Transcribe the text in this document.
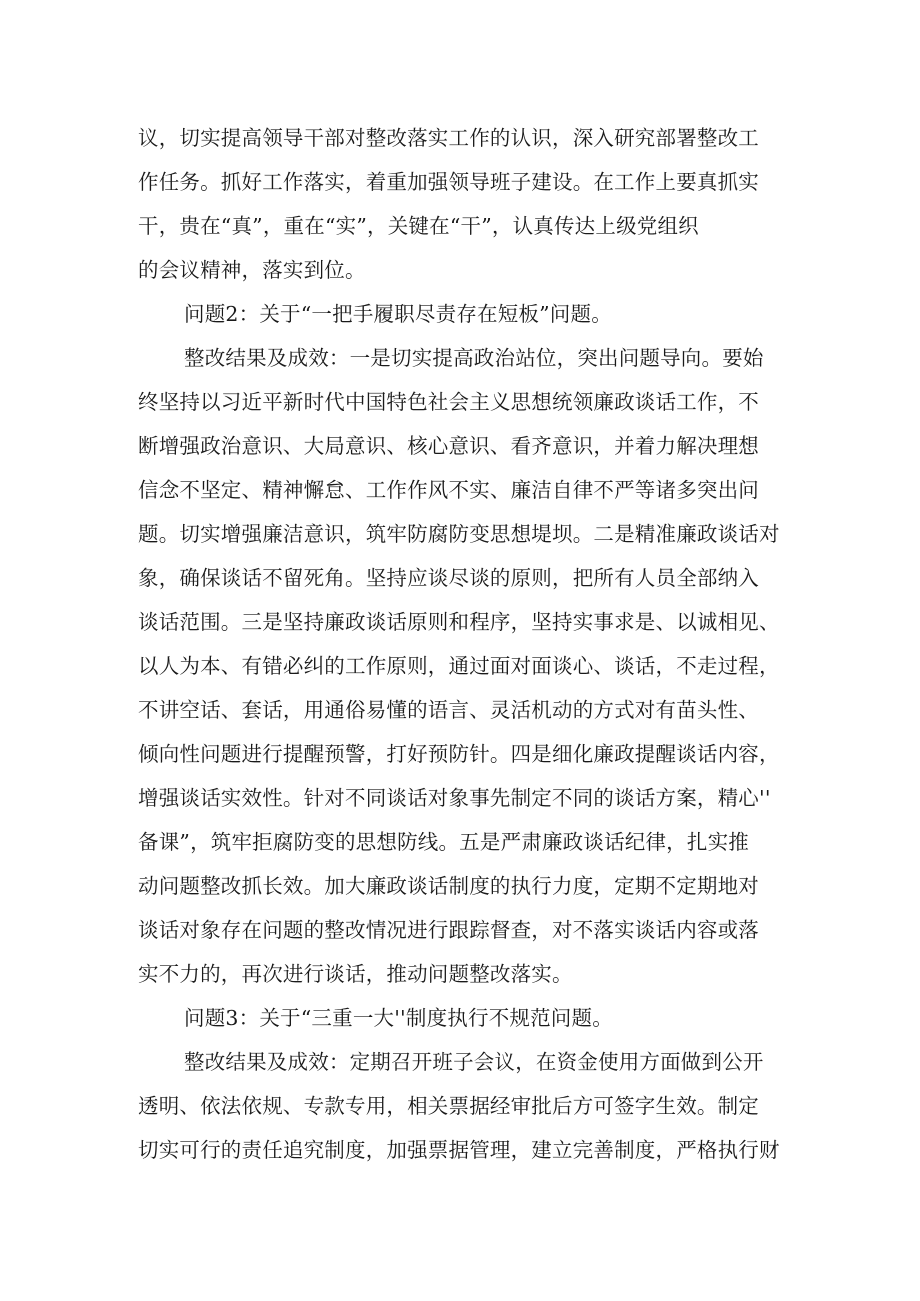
议，切实提高领导干部对整改落实工作的认识，深入研究部署整改工
作任务。抓好工作落实，着重加强领导班子建设。在工作上要真抓实
干，贵在“真”，重在“实”，关键在“干”，认真传达上级党组织
的会议精神，落实到位。
问题2：关于“一把手履职尽责存在短板”问题。
整改结果及成效：一是切实提高政治站位，突出问题导向。要始
终坚持以习近平新时代中国特色社会主义思想统领廉政谈话工作，不
断增强政治意识、大局意识、核心意识、看齐意识，并着力解决理想
信念不坚定、精神懈怠、工作作风不实、廉洁自律不严等诸多突出问
题。切实增强廉洁意识，筑牢防腐防变思想堤坝。二是精准廉政谈话对
象，确保谈话不留死角。坚持应谈尽谈的原则，把所有人员全部纳入
谈话范围。三是坚持廉政谈话原则和程序，坚持实事求是、以诚相见、
以人为本、有错必纠的工作原则，通过面对面谈心、谈话，不走过程，
不讲空话、套话，用通俗易懂的语言、灵活机动的方式对有苗头性、
倾向性问题进行提醒预警，打好预防针。四是细化廉政提醒谈话内容，
增强谈话实效性。针对不同谈话对象事先制定不同的谈话方案，精心''
备课”，筑牢拒腐防变的思想防线。五是严肃廉政谈话纪律，扎实推
动问题整改抓长效。加大廉政谈话制度的执行力度，定期不定期地对
谈话对象存在问题的整改情况进行跟踪督查，对不落实谈话内容或落
实不力的，再次进行谈话，推动问题整改落实。
问题3：关于“三重一大''制度执行不规范问题。
整改结果及成效：定期召开班子会议，在资金使用方面做到公开
透明、依法依规、专款专用，相关票据经审批后方可签字生效。制定
切实可行的责任追究制度，加强票据管理，建立完善制度，严格执行财
